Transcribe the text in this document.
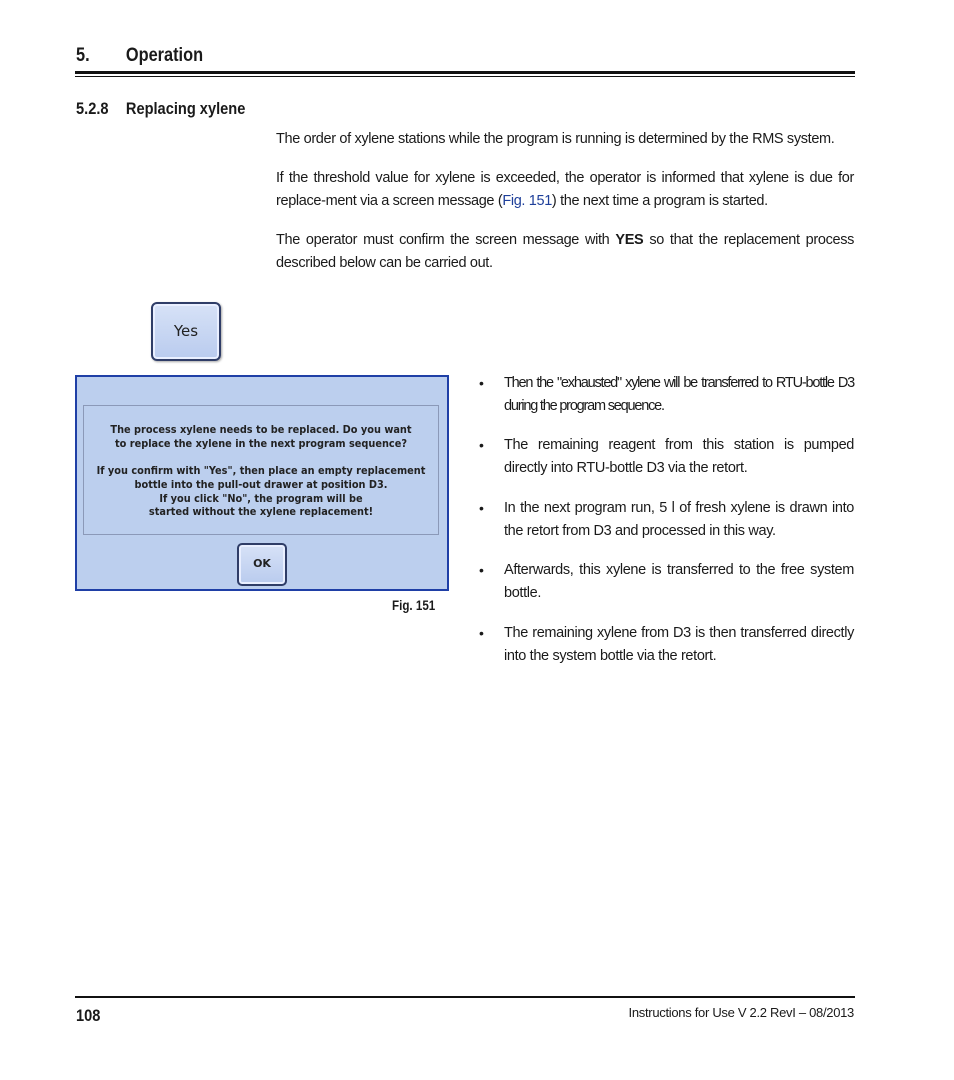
5. Operation
5.2.8 Replacing xylene
The order of xylene stations while the program is running is determined by the RMS system.
If the threshold value for xylene is exceeded, the operator is informed that xylene is due for replace-ment via a screen message (Fig. 151) the next time a program is started.
The operator must confirm the screen message with YES so that the replacement process described below can be carried out.
Yes
The process xylene needs to be replaced. Do you want
to replace the xylene in the next program sequence?
If you confirm with "Yes", then place an empty replacement
bottle into the pull-out drawer at position D3.
If you click "No", the program will be
started without the xylene replacement!
OK
Fig. 151
• Then the "exhausted" xylene will be transferred to RTU-bottle D3 during the program sequence.
• The remaining reagent from this station is pumped directly into RTU-bottle D3 via the retort.
• In the next program run, 5 l of fresh xylene is drawn into the retort from D3 and processed in this way.
• Afterwards, this xylene is transferred to the free system bottle.
• The remaining xylene from D3 is then transferred directly into the system bottle via the retort.
108	Instructions for Use V 2.2 RevI – 08/2013
